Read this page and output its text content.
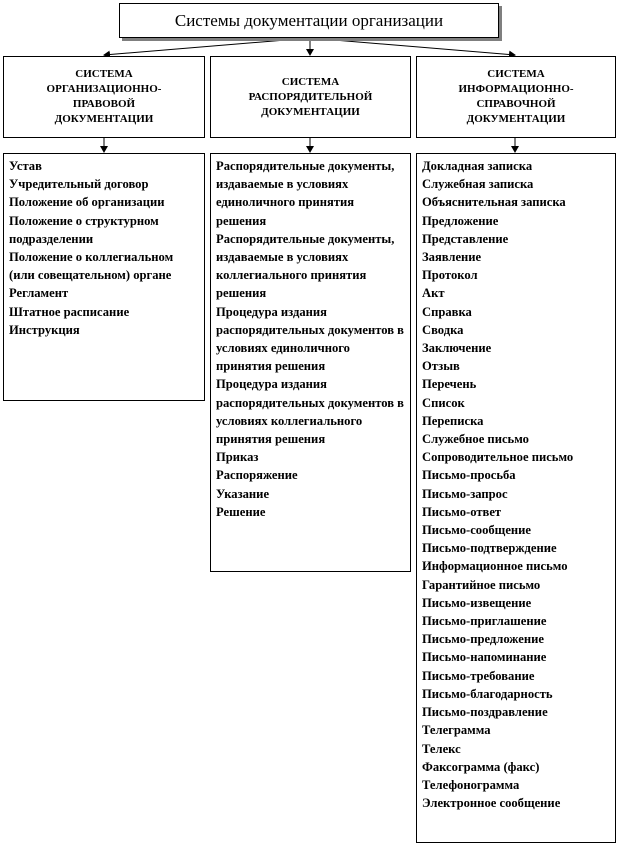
Системы документации организации
СИСТЕМА ОРГАНИЗАЦИОННО-ПРАВОВОЙ ДОКУМЕНТАЦИИ
СИСТЕМА РАСПОРЯДИТЕЛЬНОЙ ДОКУМЕНТАЦИИ
СИСТЕМА ИНФОРМАЦИОННО-СПРАВОЧНОЙ ДОКУМЕНТАЦИИ
Устав
Учредительный договор
Положение об организации
Положение о структурном подразделении
Положение о коллегиальном (или совещательном) органе
Регламент
Штатное расписание
Инструкция
Распорядительные документы, издаваемые в условиях единоличного принятия решения
Распорядительные документы, издаваемые в условиях коллегиального принятия решения
Процедура издания распорядительных документов в условиях единоличного принятия решения
Процедура издания распорядительных документов в условиях коллегиального принятия решения
Приказ
Распоряжение
Указание
Решение
Докладная записка
Служебная записка
Объяснительная записка
Предложение
Представление
Заявление
Протокол
Акт
Справка
Сводка
Заключение
Отзыв
Перечень
Список
Переписка
Служебное письмо
Сопроводительное письмо
Письмо-просьба
Письмо-запрос
Письмо-ответ
Письмо-сообщение
Письмо-подтверждение
Информационное письмо
Гарантийное письмо
Письмо-извещение
Письмо-приглашение
Письмо-предложение
Письмо-напоминание
Письмо-требование
Письмо-благодарность
Письмо-поздравление
Телеграмма
Телекс
Факсограмма (факс)
Телефонограмма
Электронное сообщение
